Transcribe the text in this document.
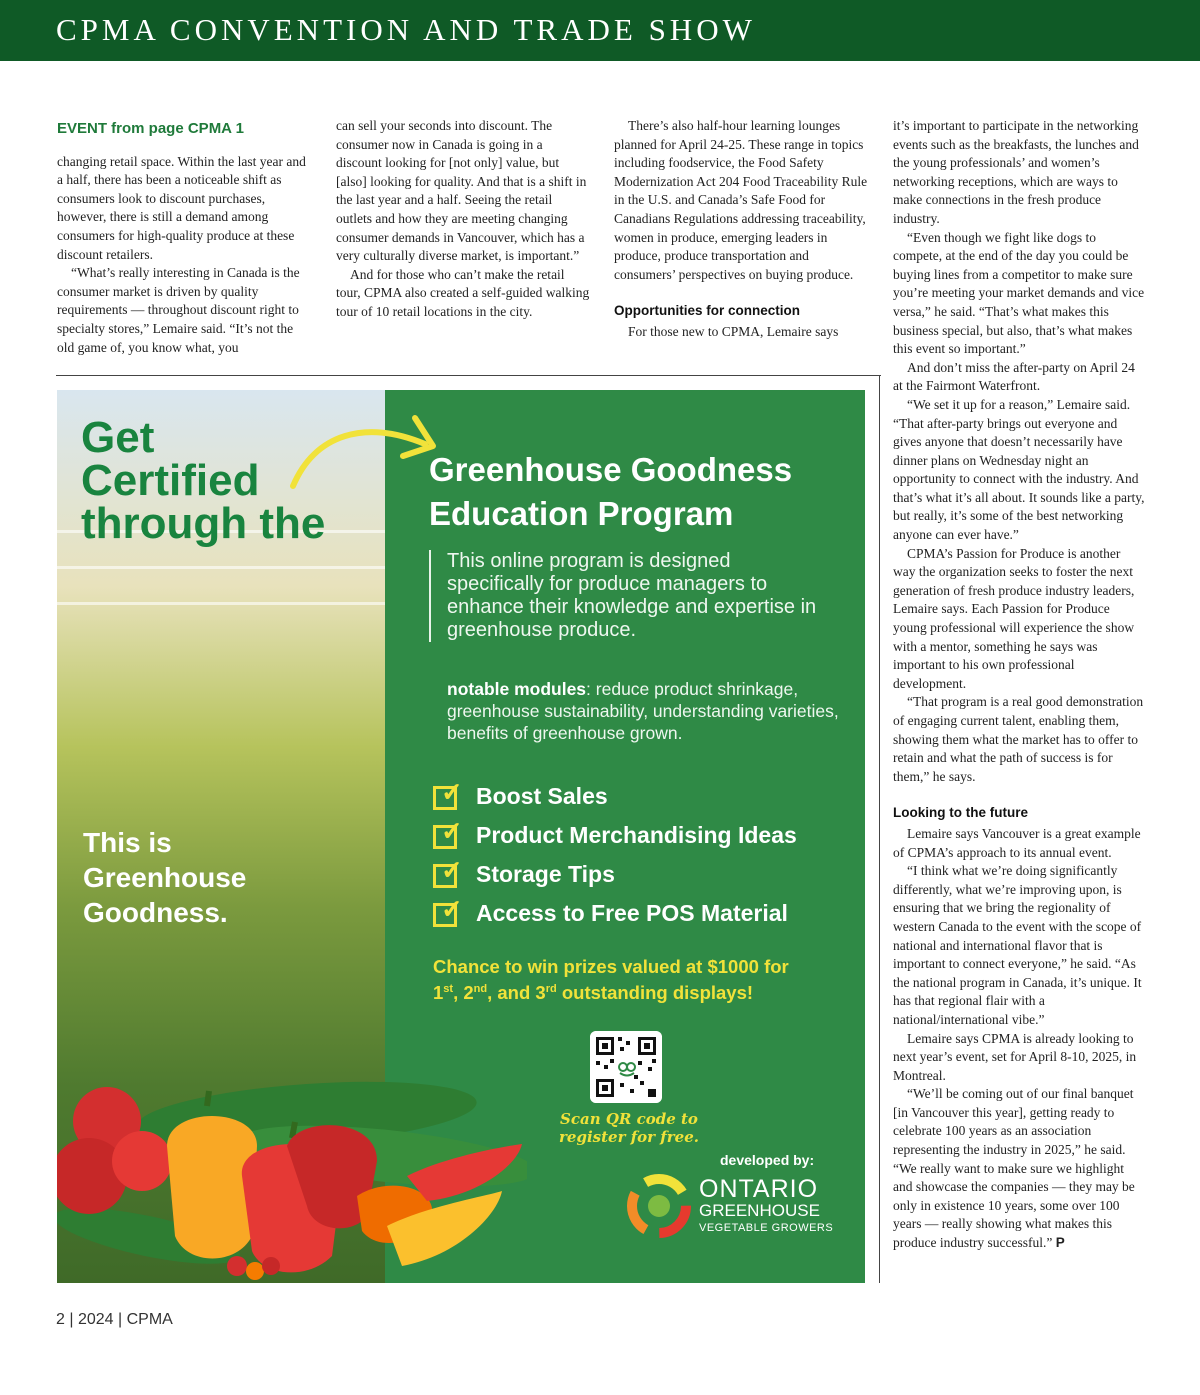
CPMA CONVENTION AND TRADE SHOW
EVENT from page CPMA 1

changing retail space. Within the last year and a half, there has been a noticeable shift as consumers look to discount purchases, however, there is still a demand among consumers for high-quality produce at these discount retailers.

“What’s really interesting in Canada is the consumer market is driven by quality requirements — throughout discount right to specialty stores,” Lemaire said. “It’s not the old game of, you know what, you

can sell your seconds into discount. The consumer now in Canada is going in a discount looking for [not only] value, but [also] looking for quality. And that is a shift in the last year and a half. Seeing the retail outlets and how they are meeting changing consumer demands in Vancouver, which has a very culturally diverse market, is important.”

And for those who can’t make the retail tour, CPMA also created a self-guided walking tour of 10 retail locations in the city.

There’s also half-hour learning lounges planned for April 24-25. These range in topics including foodservice, the Food Safety Modernization Act 204 Food Traceability Rule in the U.S. and Canada’s Safe Food for Canadians Regulations addressing traceability, women in produce, emerging leaders in produce, produce transportation and consumers’ perspectives on buying produce.

Opportunities for connection

For those new to CPMA, Lemaire says

it’s important to participate in the networking events such as the breakfasts, the lunches and the young professionals’ and women’s networking receptions, which are ways to make connections in the fresh produce industry.

“Even though we fight like dogs to compete, at the end of the day you could be buying lines from a competitor to make sure you’re meeting your market demands and vice versa,” he said. “That’s what makes this business special, but also, that’s what makes this event so important.”

And don’t miss the after-party on April 24 at the Fairmont Waterfront.

“We set it up for a reason,” Lemaire said. “That after-party brings out everyone and gives anyone that doesn’t necessarily have dinner plans on Wednesday night an opportunity to connect with the industry. And that’s what it’s all about. It sounds like a party, but really, it’s some of the best networking anyone can ever have.”

CPMA’s Passion for Produce is another way the organization seeks to foster the next generation of fresh produce industry leaders, Lemaire says. Each Passion for Produce young professional will experience the show with a mentor, something he says was important to his own professional development.

“That program is a real good demonstration of engaging current talent, enabling them, showing them what the market has to offer to retain and what the path of success is for them,” he says.

Looking to the future

Lemaire says Vancouver is a great example of CPMA’s approach to its annual event.

“I think what we’re doing significantly differently, what we’re improving upon, is ensuring that we bring the regionality of western Canada to the event with the scope of national and international flavor that is important to connect everyone,” he said. “As the national program in Canada, it’s unique. It has that regional flair with a national/international vibe.”

Lemaire says CPMA is already looking to next year’s event, set for April 8-10, 2025, in Montreal.

“We’ll be coming out of our final banquet [in Vancouver this year], getting ready to celebrate 100 years as an association representing the industry in 2025,” he said. “We really want to make sure we highlight and showcase the companies — they may be only in existence 10 years, some over 100 years — really showing what makes this produce industry successful.” P

Get
Certified
through the
This is
Greenhouse
Goodness.
Greenhouse Goodness
Education Program
This online program is designed specifically for produce managers to enhance their knowledge and expertise in greenhouse produce.
notable modules: reduce product shrinkage, greenhouse sustainability, understanding varieties, benefits of greenhouse grown.
✓ Boost Sales
✓ Product Merchandising Ideas
✓ Storage Tips
✓ Access to Free POS Material
Chance to win prizes valued at $1000 for
1st, 2nd, and 3rd outstanding displays!
Scan QR code to
register for free.
developed by:
ONTARIO
GREENHOUSE
VEGETABLE GROWERS
2 | 2024 | CPMA
